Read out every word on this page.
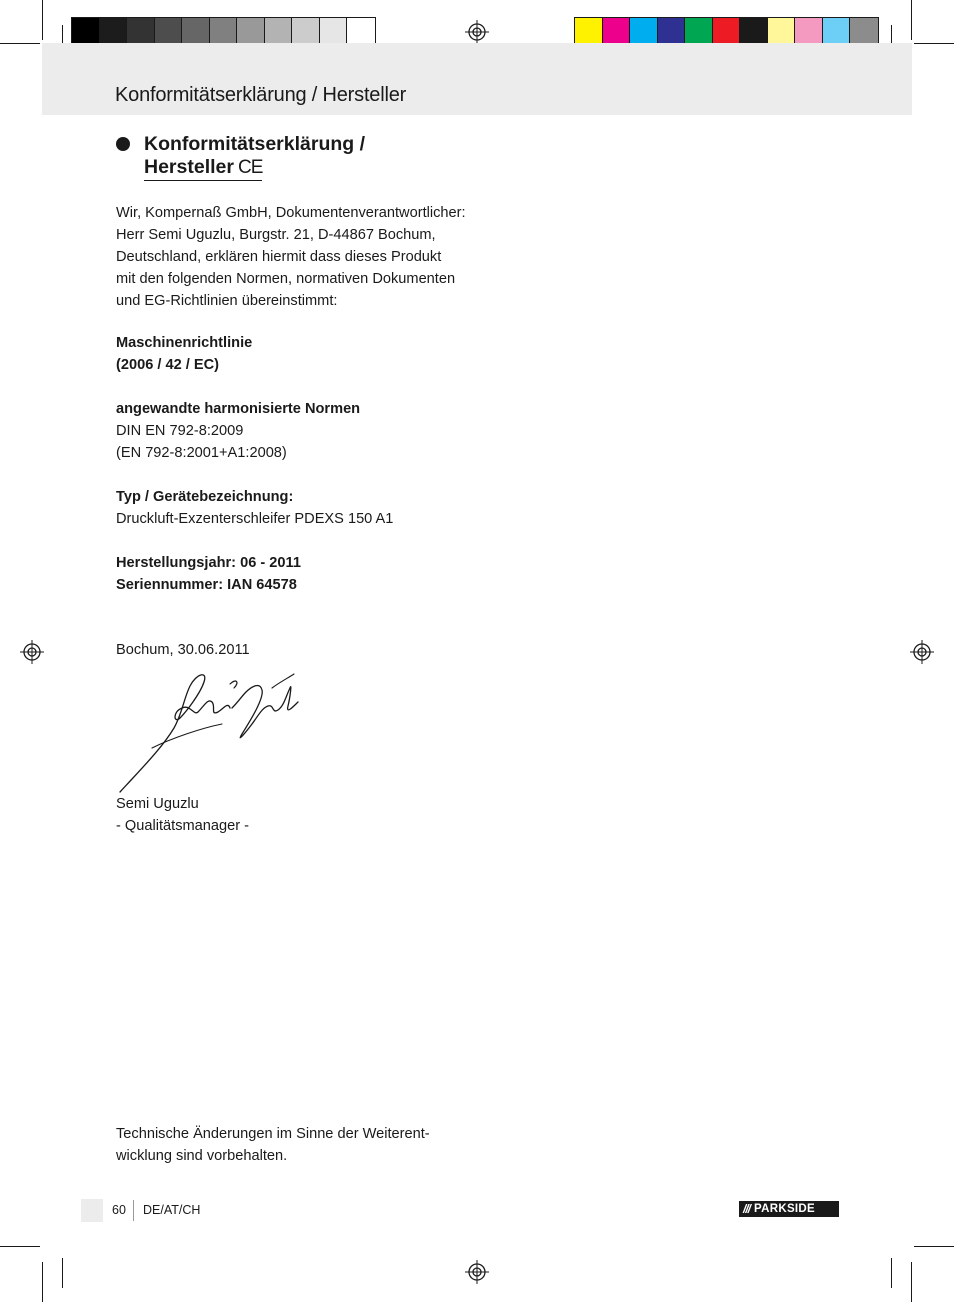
Konformitätserklärung / Hersteller
Konformitätserklärung /
Hersteller CE
Wir, Kompernaß GmbH, Dokumentenverantwortlicher:
Herr Semi Uguzlu, Burgstr. 21, D-44867 Bochum,
Deutschland, erklären hiermit dass dieses Produkt
mit den folgenden Normen, normativen Dokumenten
und EG-Richtlinien übereinstimmt:
Maschinenrichtlinie
(2006 / 42 / EC)
angewandte harmonisierte Normen
DIN EN 792-8:2009
(EN 792-8:2001+A1:2008)
Typ / Gerätebezeichnung:
Druckluft-Exzenterschleifer PDEXS 150 A1
Herstellungsjahr: 06 - 2011
Seriennummer: IAN 64578
Bochum, 30.06.2011
Semi Uguzlu
- Qualitätsmanager -
Technische Änderungen im Sinne der Weiterent-
wicklung sind vorbehalten.
60 DE/AT/CH	/// PARKSIDE
